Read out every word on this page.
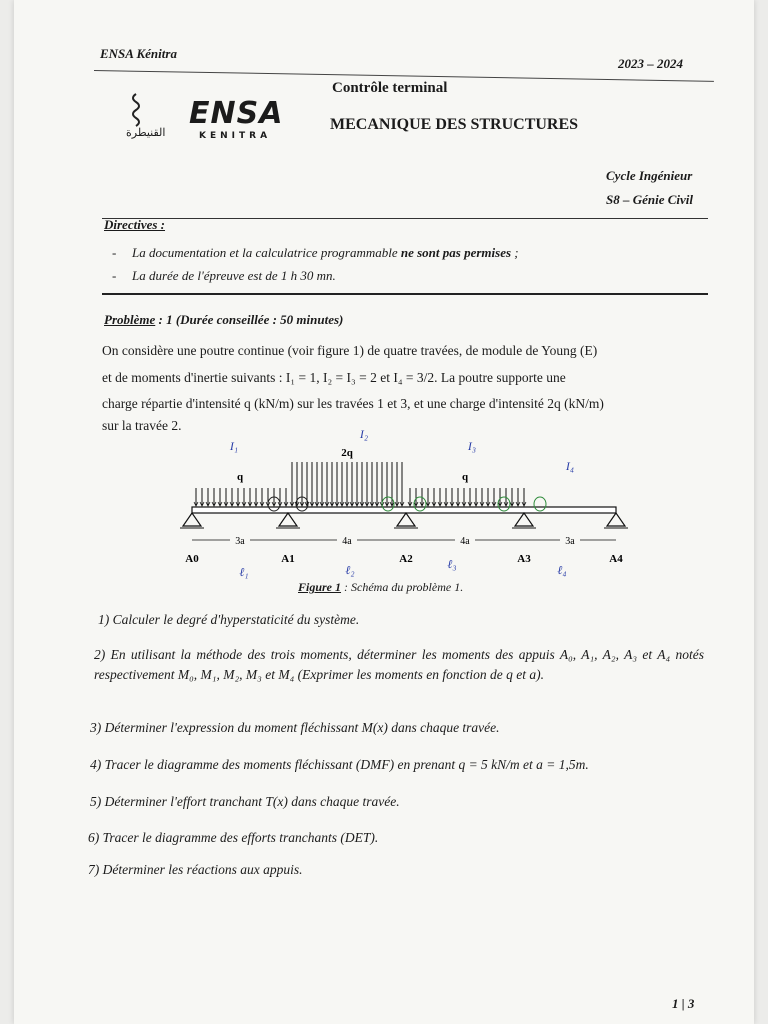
ENSA Kénitra
2023 – 2024
ENSA
KENITRA
القنيطرة
Contrôle terminal
MECANIQUE DES STRUCTURES
Cycle Ingénieur
S8 – Génie Civil
Directives :
- La documentation et la calculatrice programmable ne sont pas permises ;
- La durée de l'épreuve est de 1 h 30 mn.
Problème : 1 (Durée conseillée : 50 minutes)
On considère une poutre continue (voir figure 1) de quatre travées, de module de Young (E)
et de moments d'inertie suivants : I₁ = 1, I₂ = I₃ = 2 et I₄ = 3/2. La poutre supporte une
charge répartie d'intensité q (kN/m) sur les travées 1 et 3, et une charge d'intensité 2q (kN/m)
sur la travée 2.
q
2q
q
A0	A1	A2	A3	A4
3a	4a	4a	3a
I₁
I₂
I₃
I₄
ℓ₁	ℓ₂	ℓ₃	ℓ₄
Figure 1 : Schéma du problème 1.
1) Calculer le degré d'hyperstaticité du système.
2) En utilisant la méthode des trois moments, déterminer les moments des appuis A₀, A₁, A₂, A₃ et A₄ notés respectivement M₀, M₁, M₂, M₃ et M₄ (Exprimer les moments en fonction de q et a).
3) Déterminer l'expression du moment fléchissant M(x) dans chaque travée.
4) Tracer le diagramme des moments fléchissant (DMF) en prenant q = 5 kN/m et a = 1,5m.
5) Déterminer l'effort tranchant T(x) dans chaque travée.
6) Tracer le diagramme des efforts tranchants (DET).
7) Déterminer les réactions aux appuis.
1 | 3
